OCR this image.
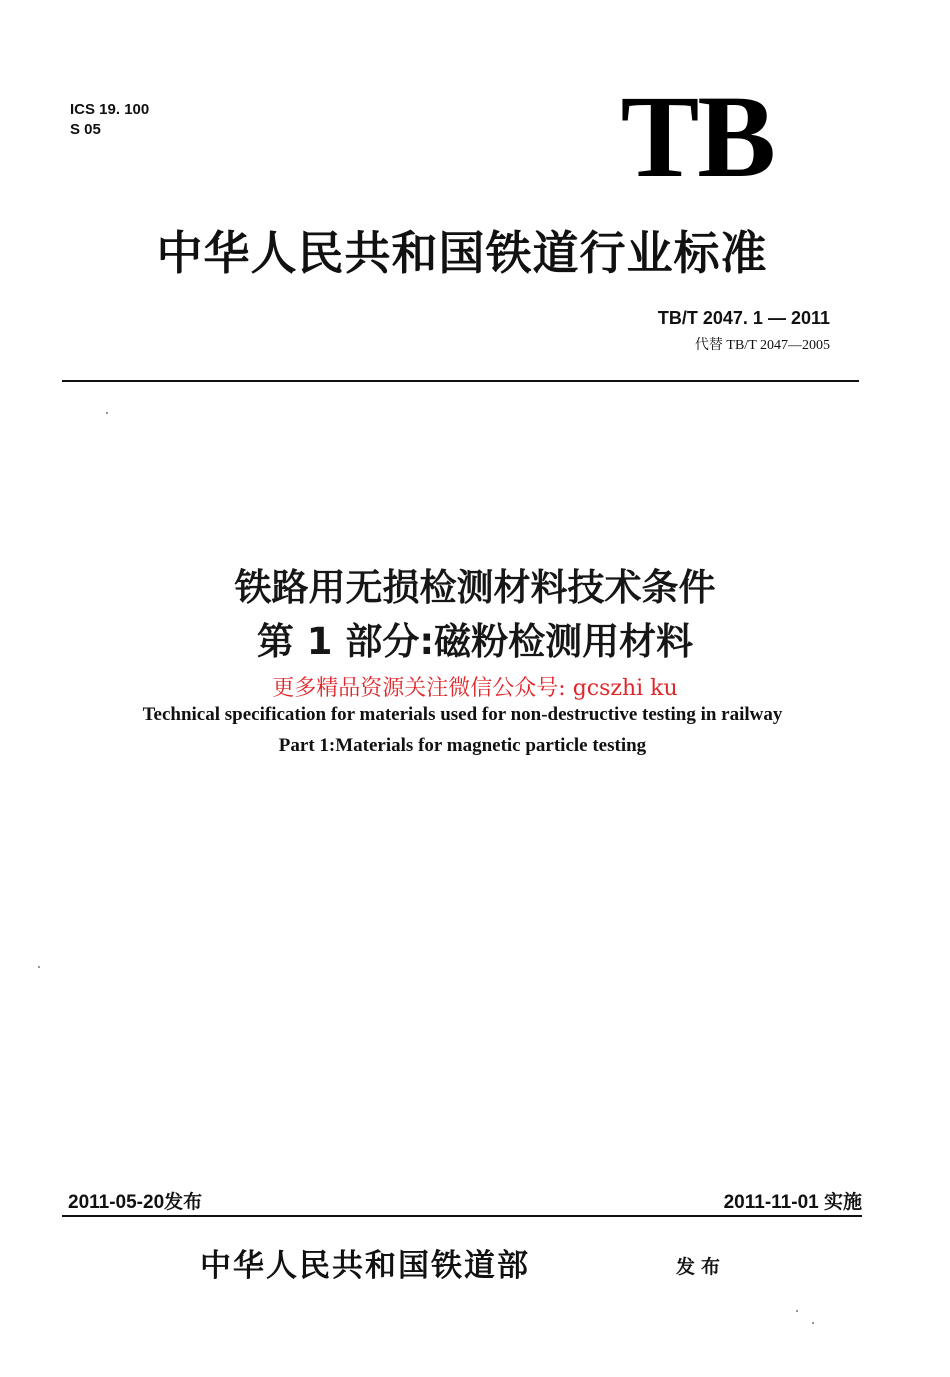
ICS 19. 100
S 05	TB
中华人民共和国铁道行业标准
TB/T 2047. 1 — 2011
代替 TB/T 2047—2005
铁路用无损检测材料技术条件
第 1 部分:磁粉检测用材料
更多精品资源关注微信公众号: gcszhi ku
Technical specification for materials used for non-destructive testing in railway
Part 1:Materials for magnetic particle testing
2011-05-20发布	2011-11-01 实施
中华人民共和国铁道部	发布
